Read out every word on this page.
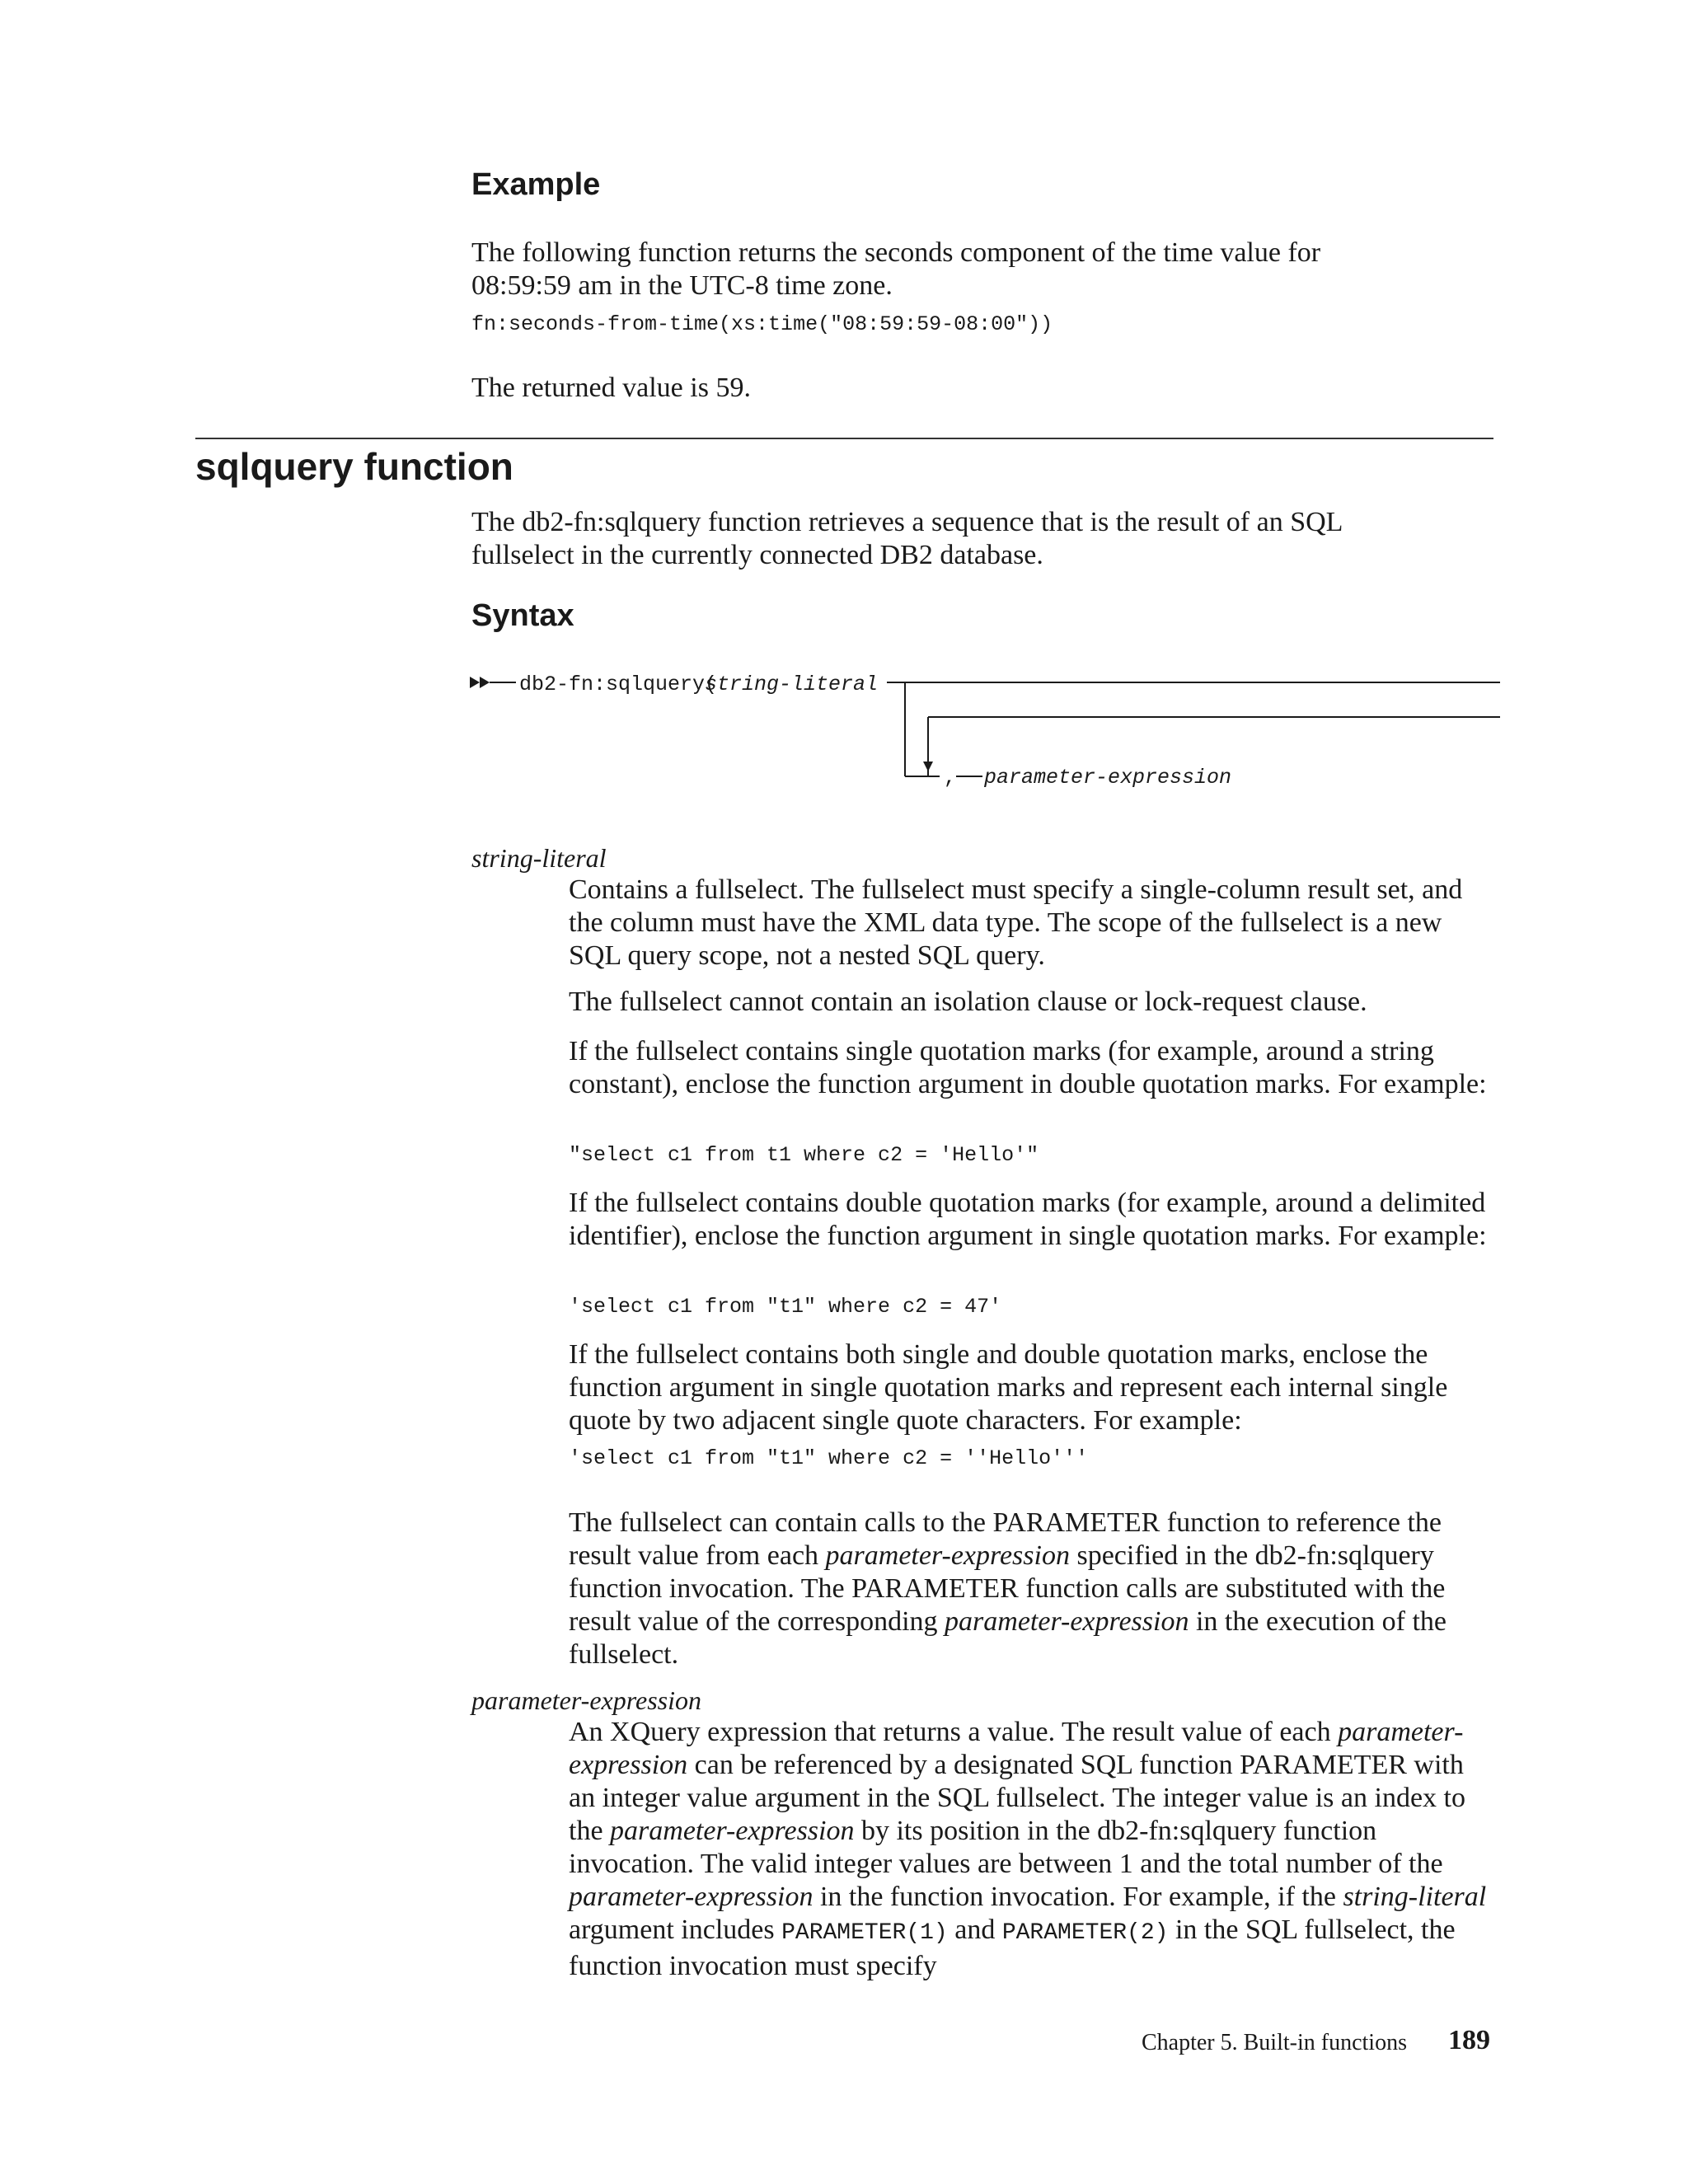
Example
The following function returns the seconds component of the time value for 08:59:59 am in the UTC-8 time zone.
fn:seconds-from-time(xs:time("08:59:59-08:00"))
The returned value is 59.
sqlquery function
The db2-fn:sqlquery function retrieves a sequence that is the result of an SQL fullselect in the currently connected DB2 database.
Syntax
db2-fn:sqlquery(
string-literal
, parameter-expression
string-literal
Contains a fullselect. The fullselect must specify a single-column result set, and the column must have the XML data type. The scope of the fullselect is a new SQL query scope, not a nested SQL query.
The fullselect cannot contain an isolation clause or lock-request clause.
If the fullselect contains single quotation marks (for example, around a string constant), enclose the function argument in double quotation marks. For example:
"select c1 from t1 where c2 = 'Hello'"
If the fullselect contains double quotation marks (for example, around a delimited identifier), enclose the function argument in single quotation marks. For example:
'select c1 from "t1" where c2 = 47'
If the fullselect contains both single and double quotation marks, enclose the function argument in single quotation marks and represent each internal single quote by two adjacent single quote characters. For example:
'select c1 from "t1" where c2 = ''Hello'''
The fullselect can contain calls to the PARAMETER function to reference the result value from each parameter-expression specified in the db2-fn:sqlquery function invocation. The PARAMETER function calls are substituted with the result value of the corresponding parameter-expression in the execution of the fullselect.
parameter-expression
An XQuery expression that returns a value. The result value of each parameter-expression can be referenced by a designated SQL function PARAMETER with an integer value argument in the SQL fullselect. The integer value is an index to the parameter-expression by its position in the db2-fn:sqlquery function invocation. The valid integer values are between 1 and the total number of the parameter-expression in the function invocation. For example, if the string-literal argument includes PARAMETER(1) and PARAMETER(2) in the SQL fullselect, the function invocation must specify
Chapter 5. Built-in functions 189
